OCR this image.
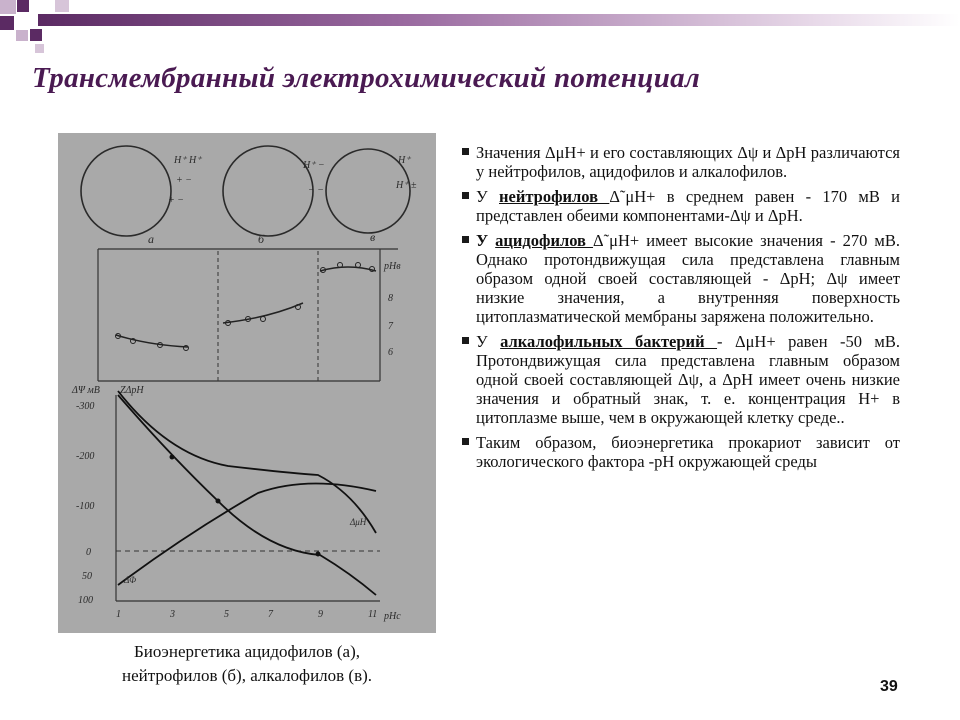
Трансмембранный электрохимический потенциал
H⁺ H⁺
+ −
+ −
H⁺ −
− −
H⁺
H⁺ ±
а	б	в
pHв
8
7
6
ΔΨ мВ ZΔpH
-300
-200
-100
0
50
100
1	3	5	7	9	11 pHс
ΔμH
ΔΦ
Биоэнергетика ацидофилов (а),
нейтрофилов (б), алкалофилов (в).
Значения ΔμН+ и его составляющих Δψ и ΔpH различаются у нейтрофилов, ацидофилов и алкалофилов.
У нейтрофилов Δ˜μН+ в среднем равен - 170 мВ и представлен обеими компонентами-Δψ и ΔpH.
У ацидофилов Δ˜μH+ имеет высокие значения - 270 мВ. Однако протондвижущая сила представлена главным образом одной своей составляющей - ΔpH; Δψ имеет низкие значения, а внутренняя поверхность цитоплазматической мембраны заряжена положительно.
У алкалофильных бактерий - ΔμН+ равен -50 мВ. Протондвижущая сила представлена главным образом одной своей составляющей Δψ, а ΔpH имеет очень низкие значения и обратный знак, т. е. концентрация Н+ в цитоплазме выше, чем в окружающей клетку среде..
Таким образом, биоэнергетика прокариот зависит от экологического фактора -pH окружающей среды
39
